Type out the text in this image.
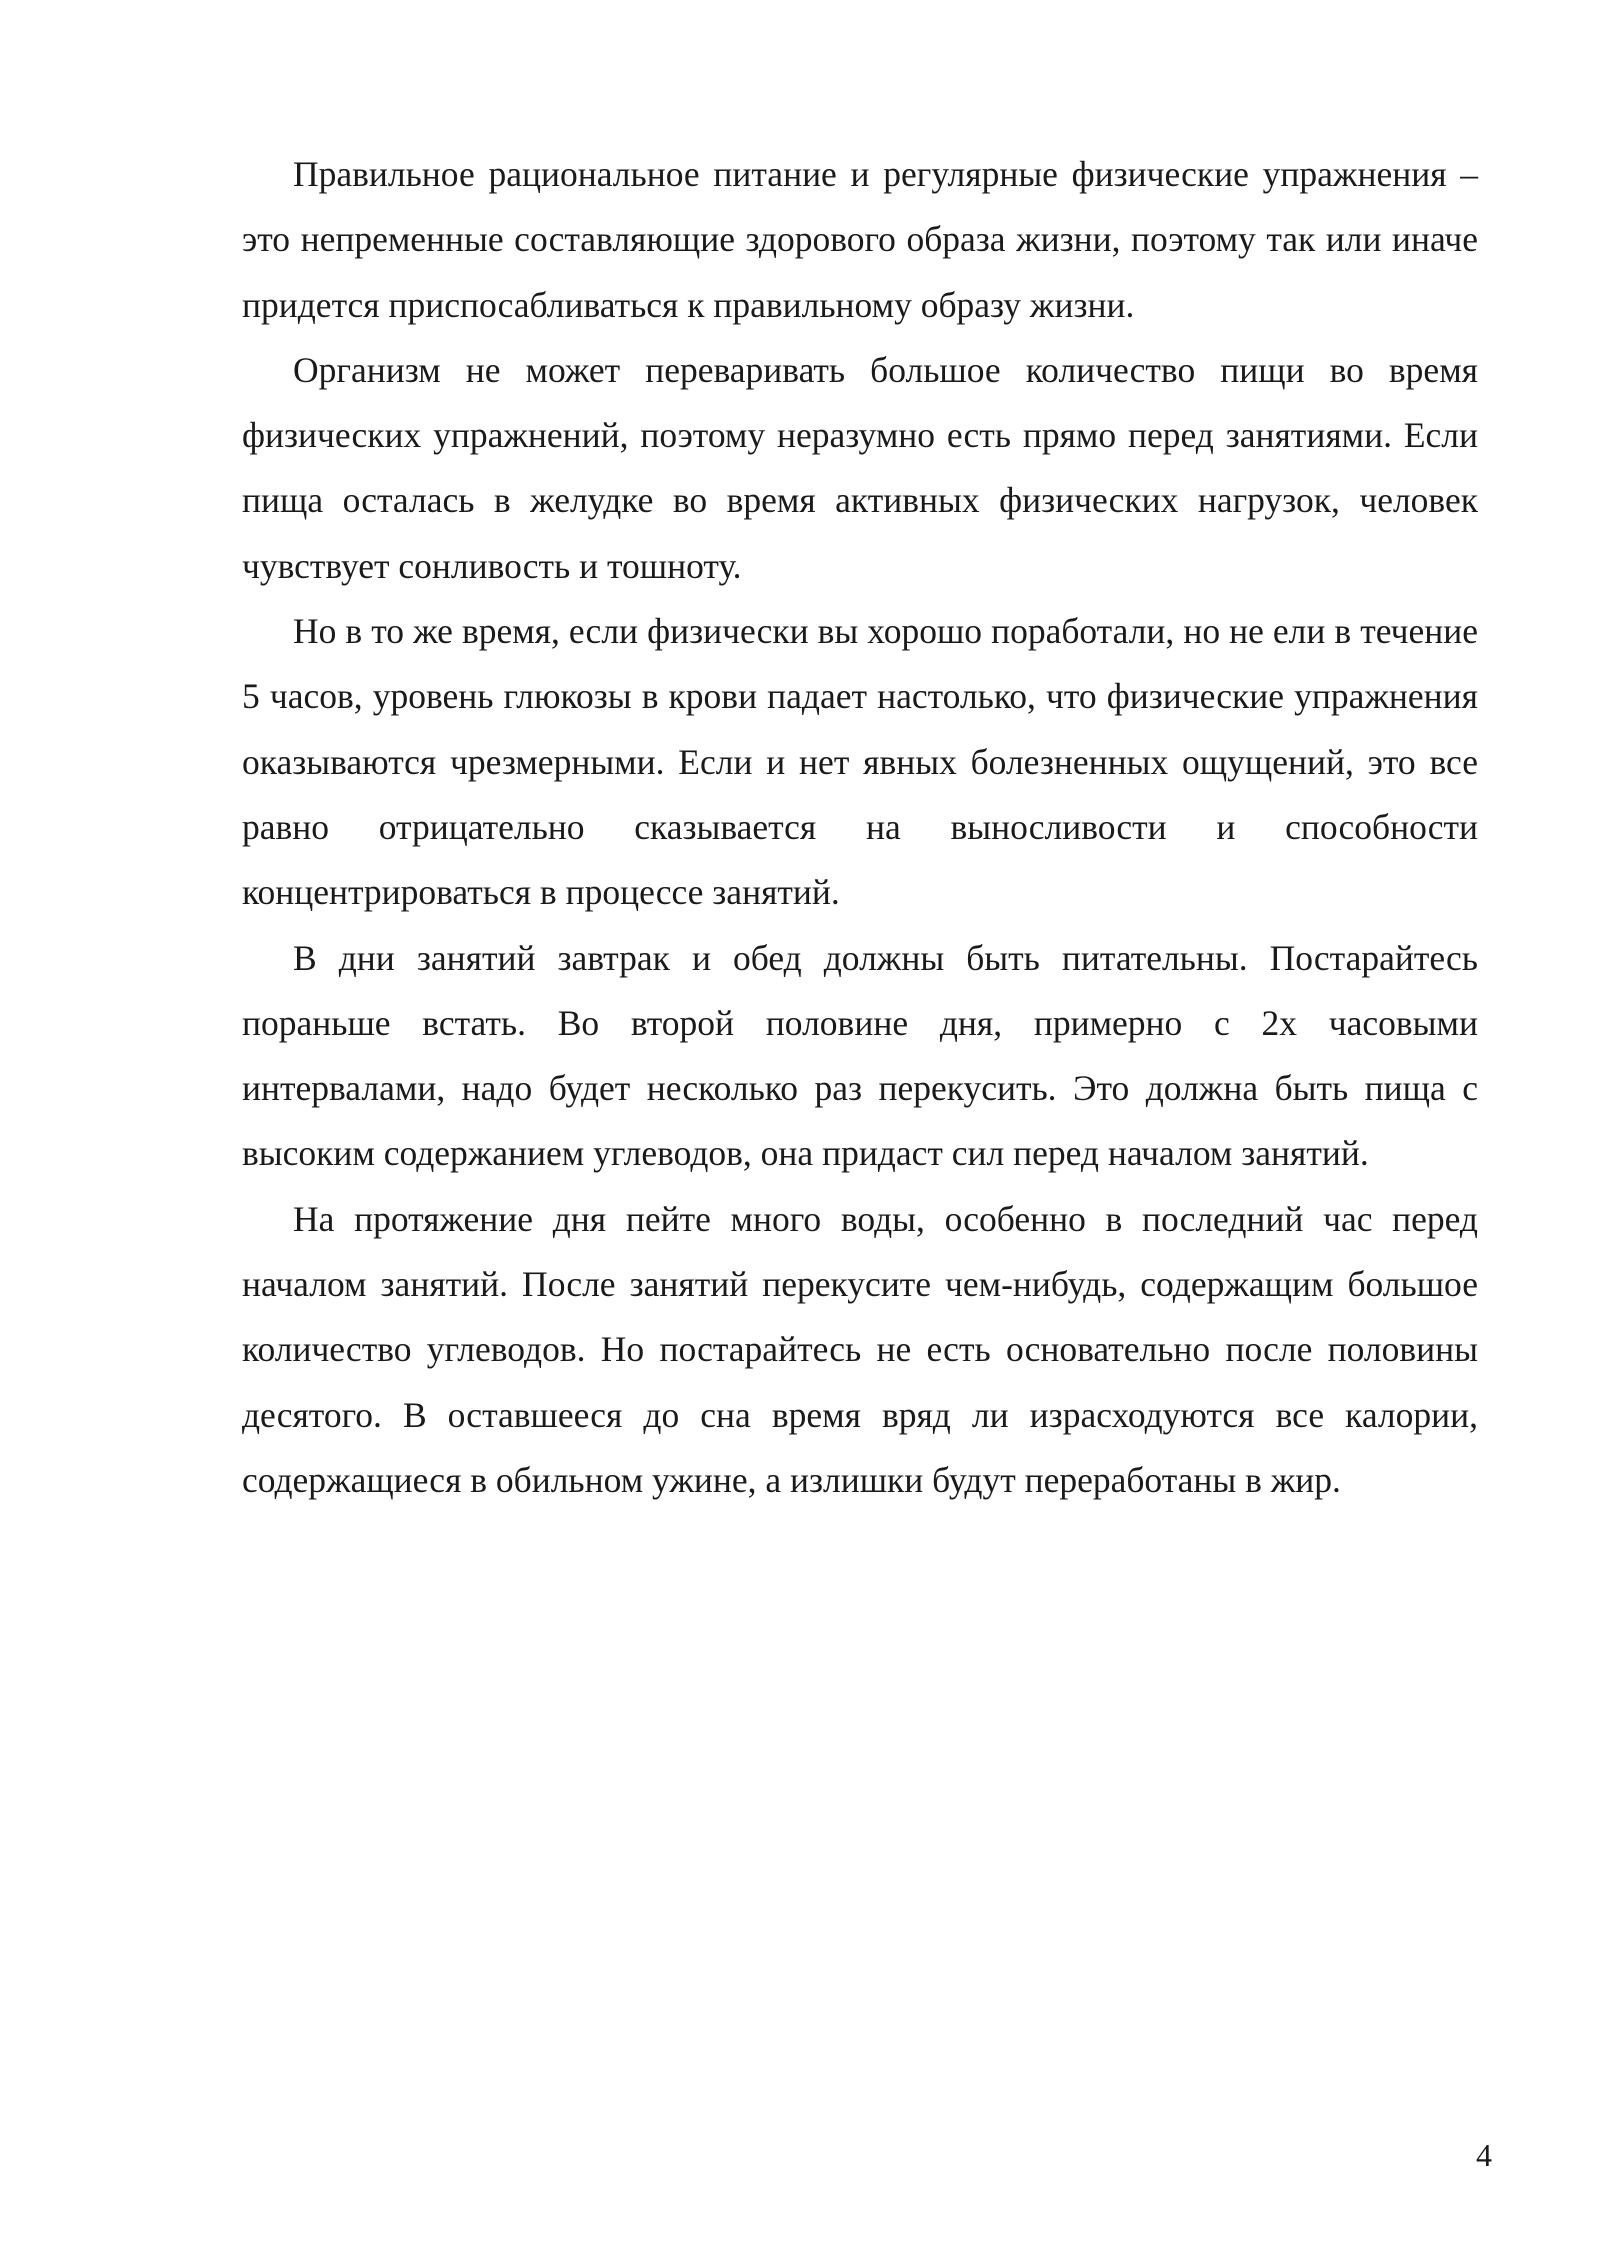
Правильное рациональное питание и регулярные физические упражнения – это непременные составляющие здорового образа жизни, поэтому так или иначе придется приспосабливаться к правильному образу жизни.

Организм не может переваривать большое количество пищи во время физических упражнений, поэтому неразумно есть прямо перед занятиями. Если пища осталась в желудке во время активных физических нагрузок, человек чувствует сонливость и тошноту.

Но в то же время, если физически вы хорошо поработали, но не ели в течение 5 часов, уровень глюкозы в крови падает настолько, что физические упражнения оказываются чрезмерными. Если и нет явных болезненных ощущений, это все равно отрицательно сказывается на выносливости и способности концентрироваться в процессе занятий.

В дни занятий завтрак и обед должны быть питательны. Постарайтесь пораньше встать. Во второй половине дня, примерно с 2х часовыми интервалами, надо будет несколько раз перекусить. Это должна быть пища с высоким содержанием углеводов, она придаст сил перед началом занятий.

На протяжение дня пейте много воды, особенно в последний час перед началом занятий. После занятий перекусите чем-нибудь, содержащим большое количество углеводов. Но постарайтесь не есть основательно после половины десятого. В оставшееся до сна время вряд ли израсходуются все калории, содержащиеся в обильном ужине, а излишки будут переработаны в жир.

4
